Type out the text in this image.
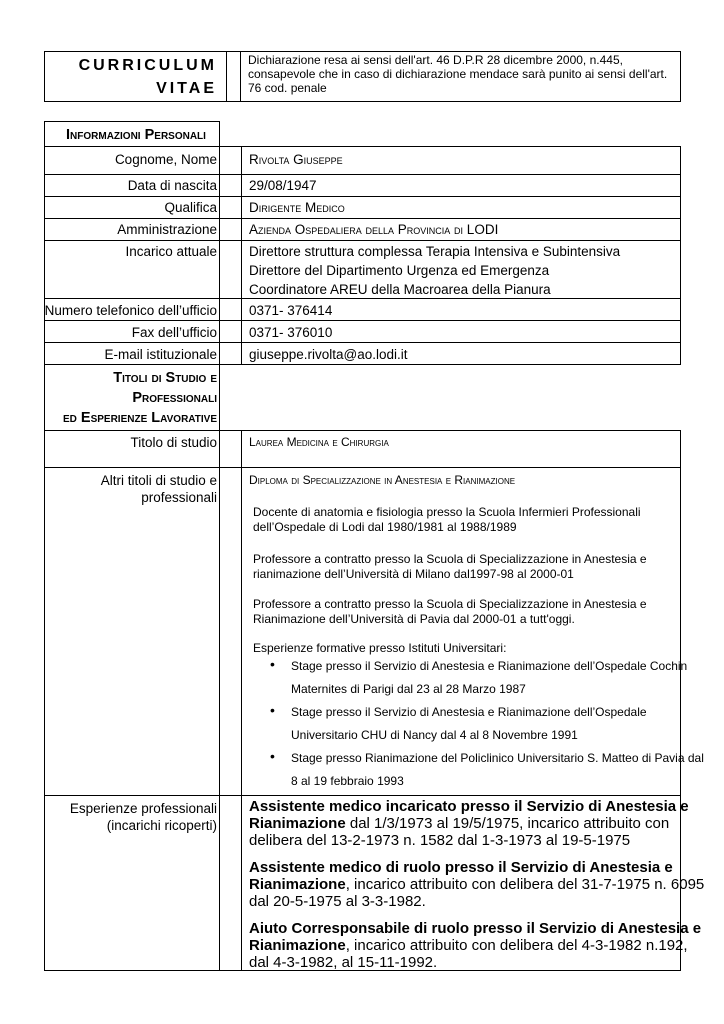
CURRICULUM
VITAE
Dichiarazione resa ai sensi dell'art. 46 D.P.R 28 dicembre 2000, n.445, consapevole che in caso di dichiarazione mendace sarà punito ai sensi dell'art. 76 cod. penale
Informazioni Personali
Cognome, Nome Rivolta Giuseppe
Data di nascita 29/08/1947
Qualifica Dirigente Medico
Amministrazione Azienda Ospedaliera della Provincia di LODI
Incarico attuale Direttore struttura complessa Terapia Intensiva e Subintensiva
Direttore del Dipartimento Urgenza ed Emergenza
Coordinatore AREU della Macroarea della Pianura
Numero telefonico dell’ufficio 0371- 376414
Fax dell’ufficio 0371- 376010
E-mail istituzionale giuseppe.rivolta@ao.lodi.it
Titoli di Studio e
Professionali
ed Esperienze Lavorative
Titolo di studio	Laurea Medicina e Chirurgia
Altri titoli di studio e
professionali
Diploma di Specializzazione in Anestesia e Rianimazione
Docente di anatomia e fisiologia presso la Scuola Infermieri Professionali
dell’Ospedale di Lodi dal 1980/1981 al 1988/1989
Professore a contratto presso la Scuola di Specializzazione in Anestesia e
rianimazione dell’Università di Milano dal1997-98 al 2000-01
Professore a contratto presso la Scuola di Specializzazione in Anestesia e
Rianimazione dell’Università di Pavia dal 2000-01 a tutt'oggi.
Esperienze formative presso Istituti Universitari:
• Stage presso il Servizio di Anestesia e Rianimazione dell’Ospedale Cochin
Maternites di Parigi dal 23 al 28 Marzo 1987
• Stage presso il Servizio di Anestesia e Rianimazione dell’Ospedale
Universitario CHU di Nancy dal 4 al 8 Novembre 1991
• Stage presso Rianimazione del Policlinico Universitario S. Matteo di Pavia dal
8 al 19 febbraio 1993
Esperienze professionali
(incarichi ricoperti)
Assistente medico incaricato presso il Servizio di Anestesia e
Rianimazione dal 1/3/1973 al 19/5/1975, incarico attribuito con
delibera del 13-2-1973 n. 1582 dal 1-3-1973 al 19-5-1975
Assistente medico di ruolo presso il Servizio di Anestesia e
Rianimazione, incarico attribuito con delibera del 31-7-1975 n. 6095
dal 20-5-1975 al 3-3-1982.
Aiuto Corresponsabile di ruolo presso il Servizio di Anestesia e
Rianimazione, incarico attribuito con delibera del 4-3-1982 n.192,
dal 4-3-1982, al 15-11-1992.
